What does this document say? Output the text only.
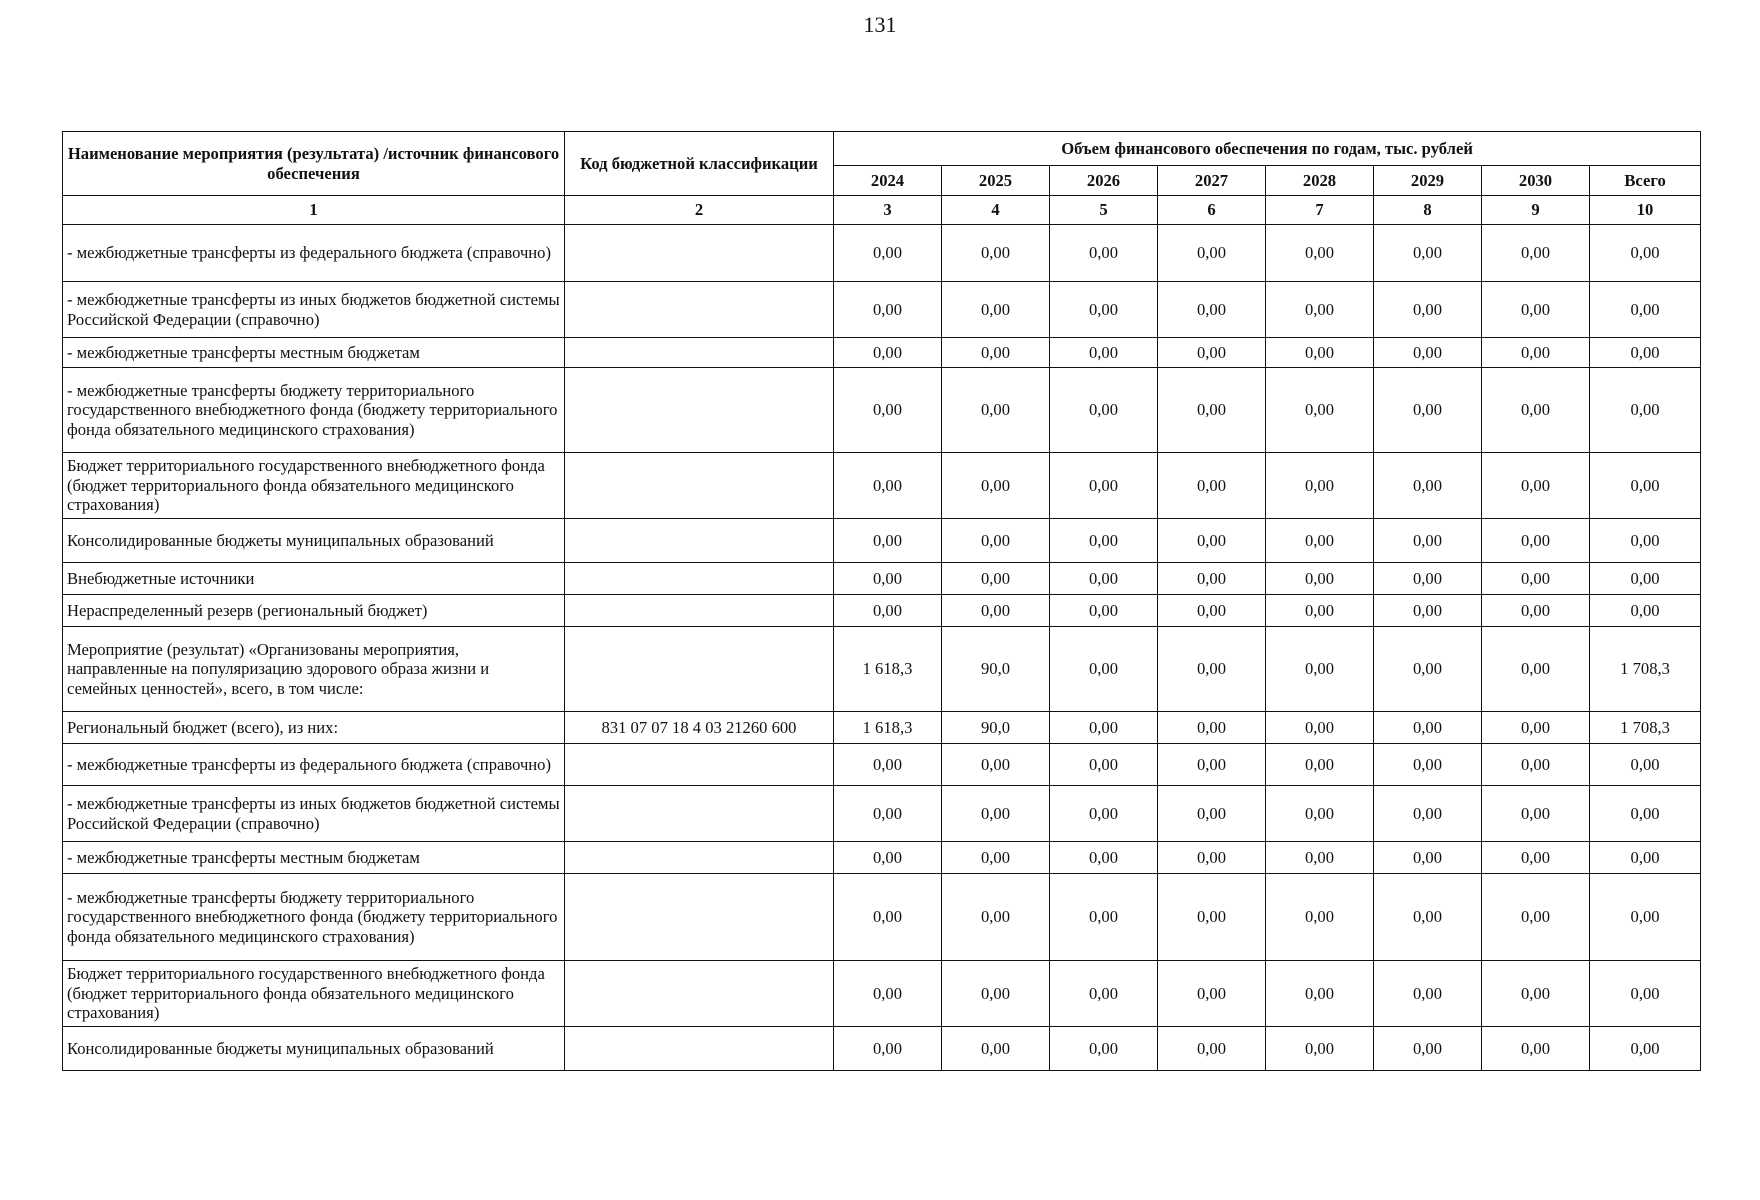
131
Наименование мероприятия (результата) /источник финансового обеспечения	Код бюджетной классификации	Объем финансового обеспечения по годам, тыс. рублей							
		2024	2025	2026	2027	2028	2029	2030	Всего
1	2	3	4	5	6	7	8	9	10
- межбюджетные трансферты из федерального бюджета (справочно)		0,00	0,00	0,00	0,00	0,00	0,00	0,00	0,00
- межбюджетные трансферты из иных бюджетов бюджетной системы Российской Федерации (справочно)		0,00	0,00	0,00	0,00	0,00	0,00	0,00	0,00
- межбюджетные трансферты местным бюджетам		0,00	0,00	0,00	0,00	0,00	0,00	0,00	0,00
- межбюджетные трансферты бюджету территориального государственного внебюджетного фонда (бюджету территориального фонда обязательного медицинского страхования)		0,00	0,00	0,00	0,00	0,00	0,00	0,00	0,00
Бюджет территориального государственного внебюджетного фонда (бюджет территориального фонда обязательного медицинского страхования)		0,00	0,00	0,00	0,00	0,00	0,00	0,00	0,00
Консолидированные бюджеты муниципальных образований		0,00	0,00	0,00	0,00	0,00	0,00	0,00	0,00
Внебюджетные источники		0,00	0,00	0,00	0,00	0,00	0,00	0,00	0,00
Нераспределенный резерв (региональный бюджет)		0,00	0,00	0,00	0,00	0,00	0,00	0,00	0,00
Мероприятие (результат) «Организованы мероприятия, направленные на популяризацию здорового образа жизни и семейных ценностей», всего, в том числе:		1 618,3	90,0	0,00	0,00	0,00	0,00	0,00	1 708,3
Региональный бюджет (всего), из них:	831 07 07 18 4 03 21260 600	1 618,3	90,0	0,00	0,00	0,00	0,00	0,00	1 708,3
- межбюджетные трансферты из федерального бюджета (справочно)		0,00	0,00	0,00	0,00	0,00	0,00	0,00	0,00
- межбюджетные трансферты из иных бюджетов бюджетной системы Российской Федерации (справочно)		0,00	0,00	0,00	0,00	0,00	0,00	0,00	0,00
- межбюджетные трансферты местным бюджетам		0,00	0,00	0,00	0,00	0,00	0,00	0,00	0,00
- межбюджетные трансферты бюджету территориального государственного внебюджетного фонда (бюджету территориального фонда обязательного медицинского страхования)		0,00	0,00	0,00	0,00	0,00	0,00	0,00	0,00
Бюджет территориального государственного внебюджетного фонда (бюджет территориального фонда обязательного медицинского страхования)		0,00	0,00	0,00	0,00	0,00	0,00	0,00	0,00
Консолидированные бюджеты муниципальных образований		0,00	0,00	0,00	0,00	0,00	0,00	0,00	0,00
